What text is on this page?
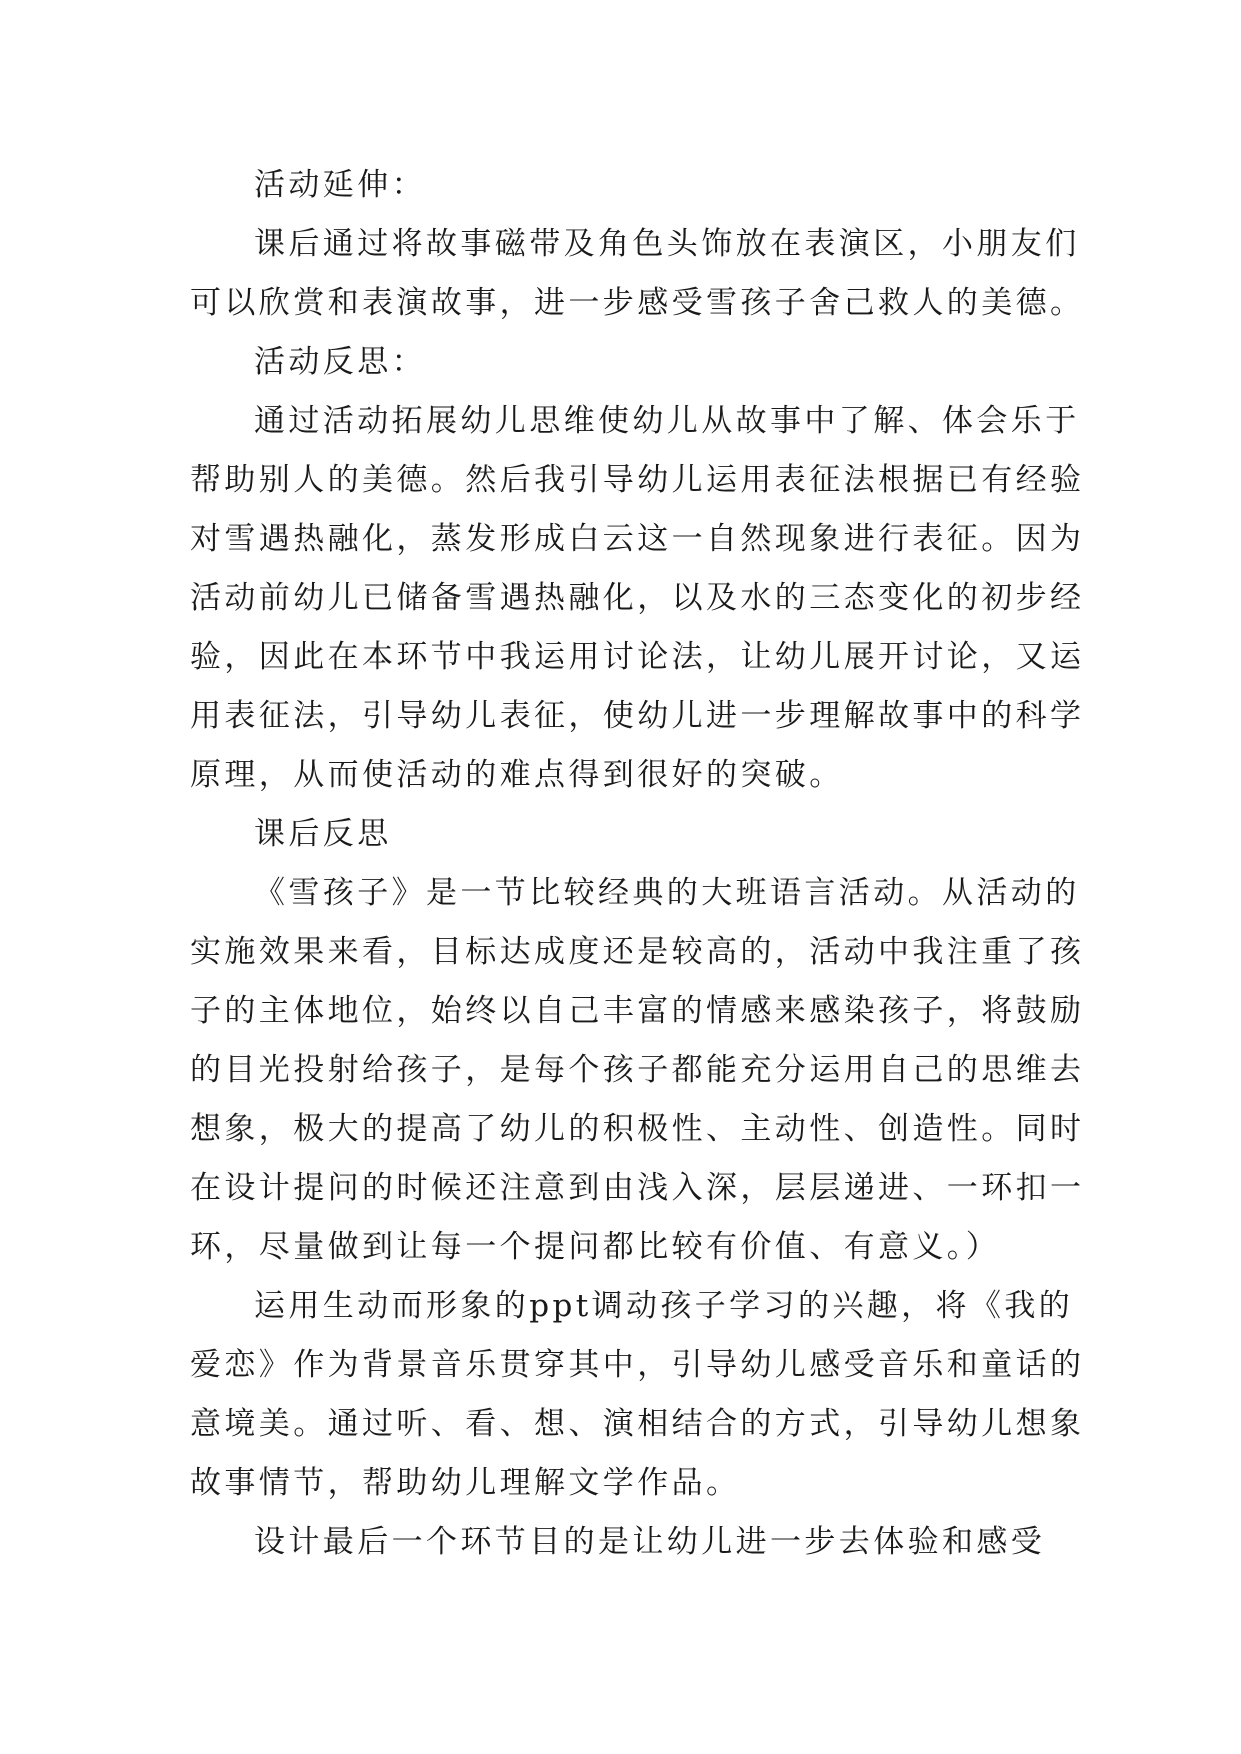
活动延伸：
课后通过将故事磁带及角色头饰放在表演区，小朋友们
可以欣赏和表演故事，进一步感受雪孩子舍己救人的美德。
活动反思：
通过活动拓展幼儿思维使幼儿从故事中了解、体会乐于
帮助别人的美德。然后我引导幼儿运用表征法根据已有经验
对雪遇热融化，蒸发形成白云这一自然现象进行表征。因为
活动前幼儿已储备雪遇热融化，以及水的三态变化的初步经
验，因此在本环节中我运用讨论法，让幼儿展开讨论，又运
用表征法，引导幼儿表征，使幼儿进一步理解故事中的科学
原理，从而使活动的难点得到很好的突破。
课后反思
《雪孩子》是一节比较经典的大班语言活动。从活动的
实施效果来看，目标达成度还是较高的，活动中我注重了孩
子的主体地位，始终以自己丰富的情感来感染孩子，将鼓励
的目光投射给孩子，是每个孩子都能充分运用自己的思维去
想象，极大的提高了幼儿的积极性、主动性、创造性。同时
在设计提问的时候还注意到由浅入深，层层递进、一环扣一
环，尽量做到让每一个提问都比较有价值、有意义。）
运用生动而形象的ppt调动孩子学习的兴趣，将《我的
爱恋》作为背景音乐贯穿其中，引导幼儿感受音乐和童话的
意境美。通过听、看、想、演相结合的方式，引导幼儿想象
故事情节，帮助幼儿理解文学作品。
设计最后一个环节目的是让幼儿进一步去体验和感受
